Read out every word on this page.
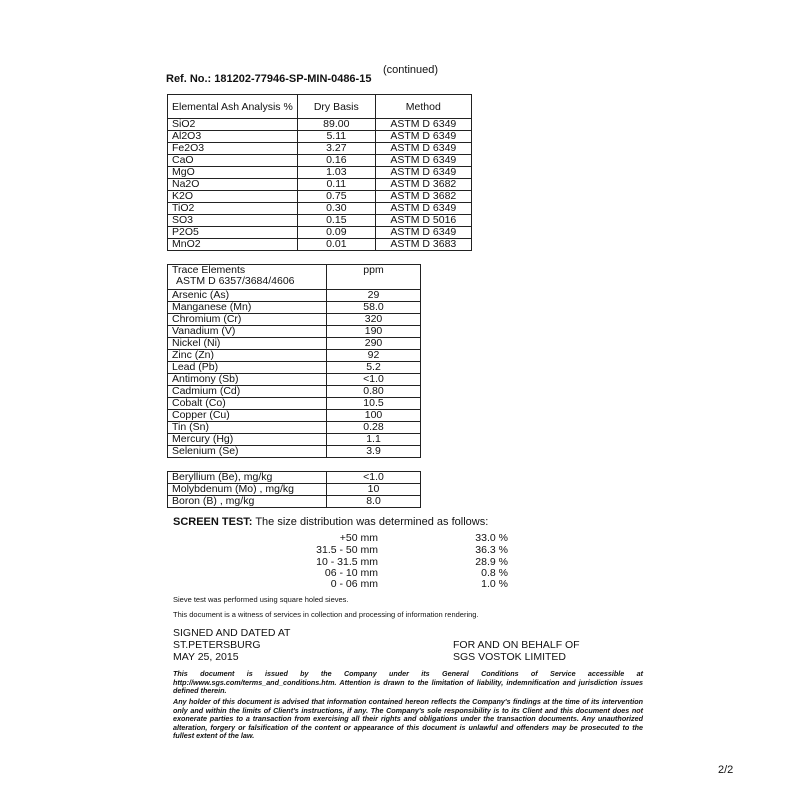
(continued)
Ref. No.: 181202-77946-SP-MIN-0486-15
Elemental Ash Analysis %	Dry Basis	Method
SiO2	89.00	ASTM D 6349
Al2O3	5.11	ASTM D 6349
Fe2O3	3.27	ASTM D 6349
CaO	0.16	ASTM D 6349
MgO	1.03	ASTM D 6349
Na2O	0.11	ASTM D 3682
K2O	0.75	ASTM D 3682
TiO2	0.30	ASTM D 6349
SO3	0.15	ASTM D 5016
P2O5	0.09	ASTM D 6349
MnO2	0.01	ASTM D 3683
Trace Elements
ASTM D 6357/3684/4606	ppm
Arsenic (As)	29
Manganese (Mn)	58.0
Chromium (Cr)	320
Vanadium (V)	190
Nickel (Ni)	290
Zinc (Zn)	92
Lead (Pb)	5.2
Antimony (Sb)	<1.0
Cadmium (Cd)	0.80
Cobalt (Co)	10.5
Copper (Cu)	100
Tin (Sn)	0.28
Mercury (Hg)	1.1
Selenium (Se)	3.9
Beryllium (Be), mg/kg	<1.0
Molybdenum (Mo) , mg/kg	10
Boron (B) , mg/kg	8.0
SCREEN TEST: The size distribution was determined as follows:
+50 mm	33.0 %
31.5 - 50 mm	36.3 %
10 - 31.5 mm	28.9 %
06 - 10 mm	0.8 %
0 - 06 mm	1.0 %
Sieve test was performed using square holed sieves.
This document is a witness of services in collection and processing of information rendering.
SIGNED AND DATED AT
ST.PETERSBURG
MAY 25, 2015
FOR AND ON BEHALF OF
SGS VOSTOK LIMITED
This document is issued by the Company under its General Conditions of Service accessible at http://www.sgs.com/terms_and_conditions.htm. Attention is drawn to the limitation of liability, indemnification and jurisdiction issues defined therein.
Any holder of this document is advised that information contained hereon reflects the Company's findings at the time of its intervention only and within the limits of Client's instructions, if any. The Company's sole responsibility is to its Client and this document does not exonerate parties to a transaction from exercising all their rights and obligations under the transaction documents. Any unauthorized alteration, forgery or falsification of the content or appearance of this document is unlawful and offenders may be prosecuted to the fullest extent of the law.
2/2
